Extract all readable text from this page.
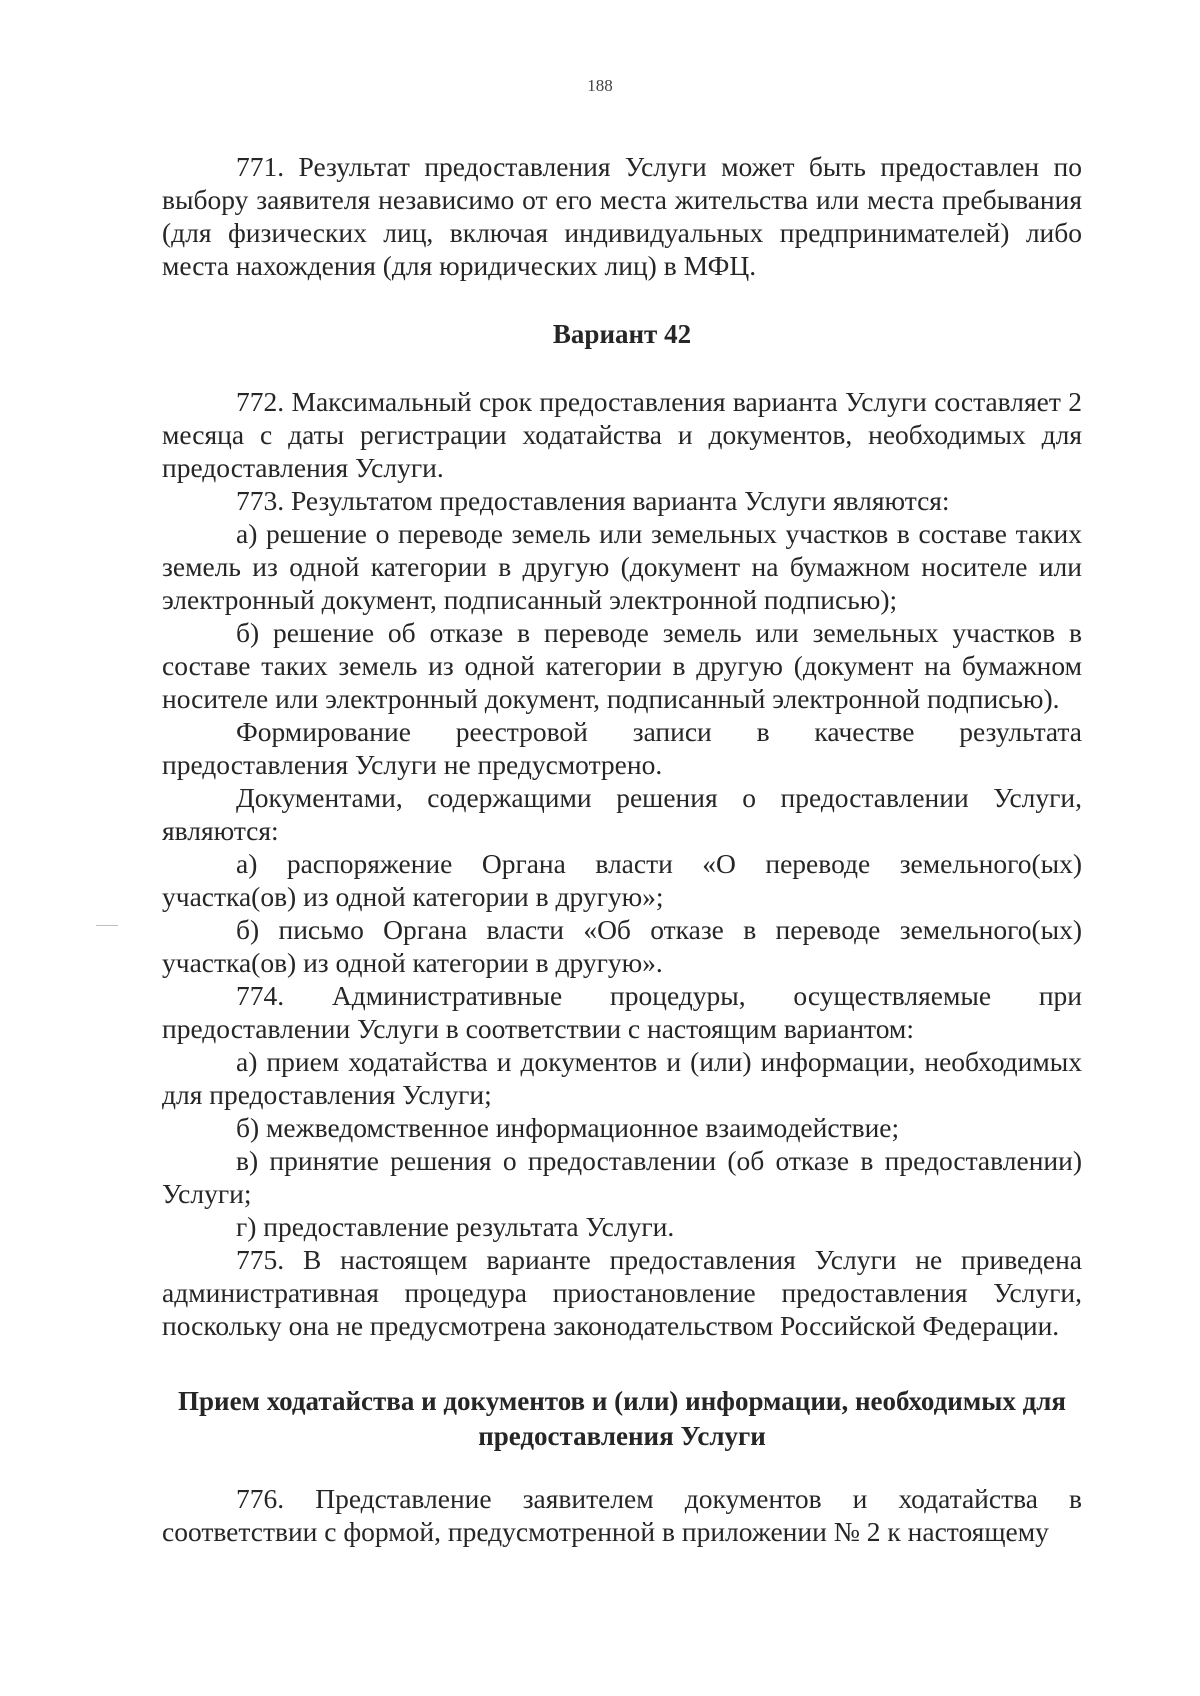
188

771. Результат предоставления Услуги может быть предоставлен по выбору заявителя независимо от его места жительства или места пребывания (для физических лиц, включая индивидуальных предпринимателей) либо места нахождения (для юридических лиц) в МФЦ.

Вариант 42

772. Максимальный срок предоставления варианта Услуги составляет 2 месяца с даты регистрации ходатайства и документов, необходимых для предоставления Услуги.

773. Результатом предоставления варианта Услуги являются:

а) решение о переводе земель или земельных участков в составе таких земель из одной категории в другую (документ на бумажном носителе или электронный документ, подписанный электронной подписью);

б) решение об отказе в переводе земель или земельных участков в составе таких земель из одной категории в другую (документ на бумажном носителе или электронный документ, подписанный электронной подписью).

Формирование реестровой записи в качестве результата предоставления Услуги не предусмотрено.

Документами, содержащими решения о предоставлении Услуги, являются:

а) распоряжение Органа власти «О переводе земельного(ых) участка(ов) из одной категории в другую»;

б) письмо Органа власти «Об отказе в переводе земельного(ых) участка(ов) из одной категории в другую».

774. Административные процедуры, осуществляемые при предоставлении Услуги в соответствии с настоящим вариантом:

а) прием ходатайства и документов и (или) информации, необходимых для предоставления Услуги;

б) межведомственное информационное взаимодействие;

в) принятие решения о предоставлении (об отказе в предоставлении) Услуги;

г) предоставление результата Услуги.

775. В настоящем варианте предоставления Услуги не приведена административная процедура приостановление предоставления Услуги, поскольку она не предусмотрена законодательством Российской Федерации.

Прием ходатайства и документов и (или) информации, необходимых для предоставления Услуги

776. Представление заявителем документов и ходатайства в соответствии с формой, предусмотренной в приложении № 2 к настоящему
